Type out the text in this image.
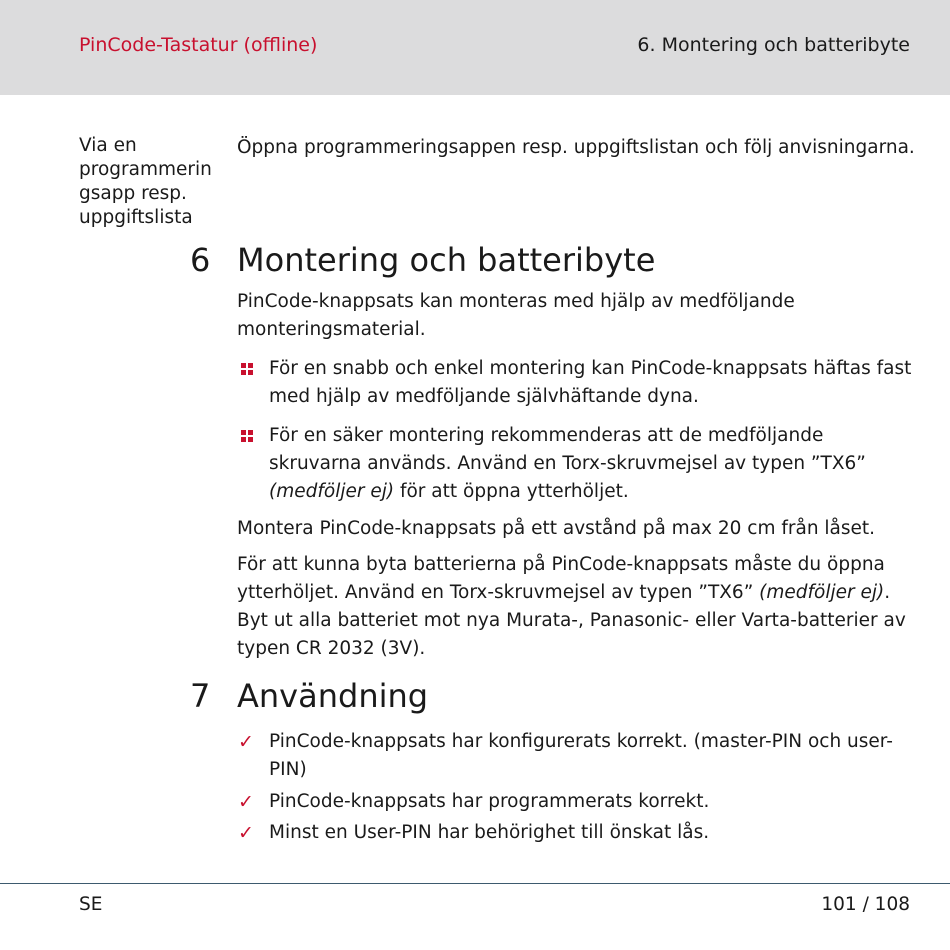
PinCode-Tastatur (offline)	6. Montering och batteribyte
Via en programmerin gsapp resp. uppgiftslista
Öppna programmeringsappen resp. uppgiftslistan och följ anvisningarna.
6 Montering och batteribyte
PinCode-knappsats kan monteras med hjälp av medföljande monteringsmaterial.
För en snabb och enkel montering kan PinCode-knappsats häftas fast med hjälp av medföljande självhäftande dyna.
För en säker montering rekommenderas att de medföljande skruvarna används. Använd en Torx-skruvmejsel av typen ”TX6” (medföljer ej) för att öppna ytterhöljet.
Montera PinCode-knappsats på ett avstånd på max 20 cm från låset.
För att kunna byta batterierna på PinCode-knappsats måste du öppna ytterhöljet. Använd en Torx-skruvmejsel av typen ”TX6” (medföljer ej). Byt ut alla batteriet mot nya Murata-, Panasonic- eller Varta-batterier av typen CR 2032 (3V).
7 Användning
✓ PinCode-knappsats har konfigurerats korrekt. (master-PIN och user-PIN)
✓ PinCode-knappsats har programmerats korrekt.
✓ Minst en User-PIN har behörighet till önskat lås.
SE	101 / 108
